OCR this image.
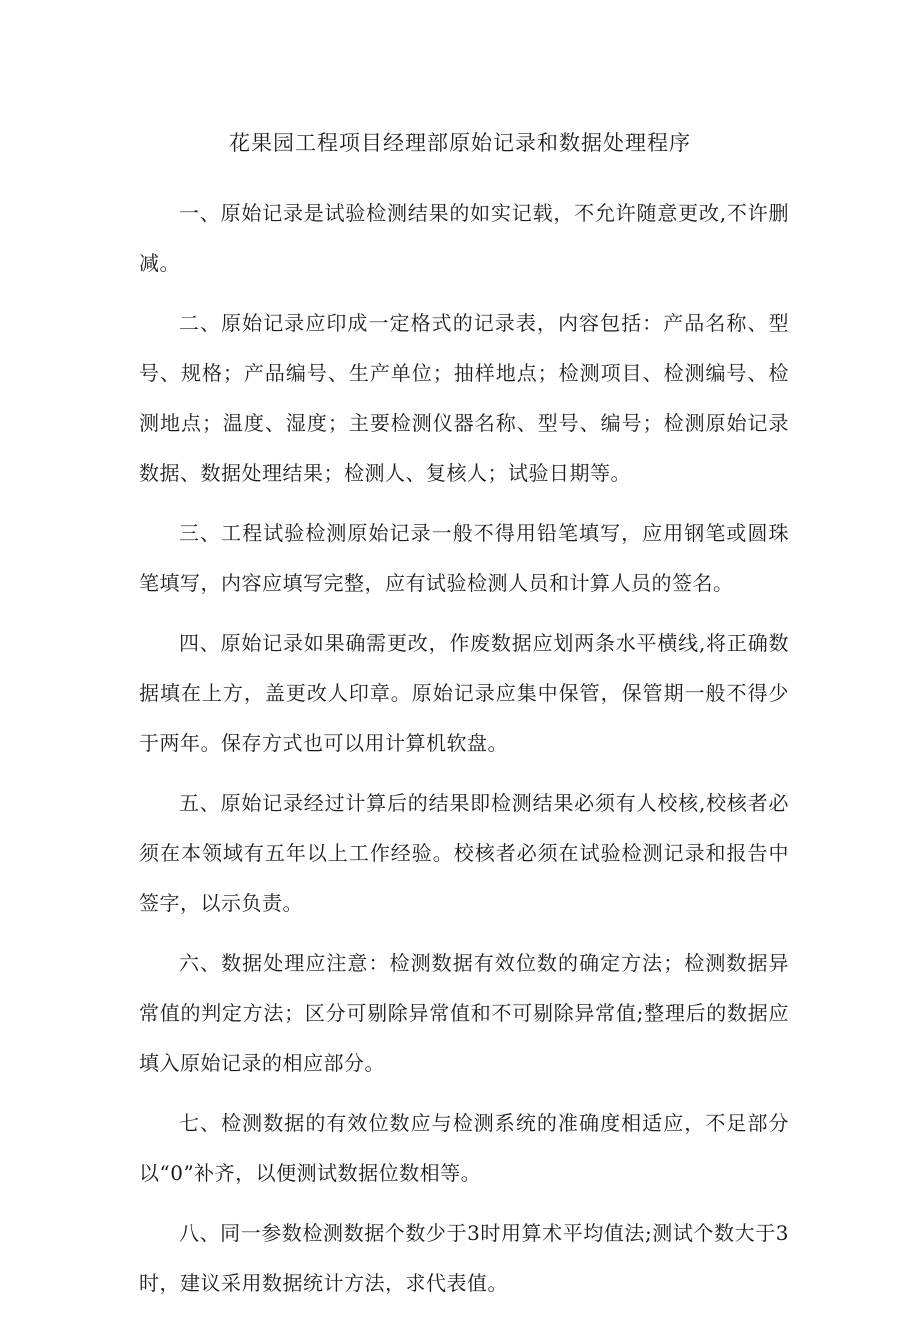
花果园工程项目经理部原始记录和数据处理程序

一、原始记录是试验检测结果的如实记载，不允许随意更改,不许删减。

二、原始记录应印成一定格式的记录表，内容包括：产品名称、型号、规格；产品编号、生产单位；抽样地点；检测项目、检测编号、检测地点；温度、湿度；主要检测仪器名称、型号、编号；检测原始记录数据、数据处理结果；检测人、复核人；试验日期等。

三、工程试验检测原始记录一般不得用铅笔填写，应用钢笔或圆珠笔填写，内容应填写完整，应有试验检测人员和计算人员的签名。

四、原始记录如果确需更改，作废数据应划两条水平横线,将正确数据填在上方，盖更改人印章。原始记录应集中保管，保管期一般不得少于两年。保存方式也可以用计算机软盘。

五、原始记录经过计算后的结果即检测结果必须有人校核,校核者必须在本领域有五年以上工作经验。校核者必须在试验检测记录和报告中签字，以示负责。

六、数据处理应注意：检测数据有效位数的确定方法；检测数据异常值的判定方法；区分可剔除异常值和不可剔除异常值;整理后的数据应填入原始记录的相应部分。

七、检测数据的有效位数应与检测系统的准确度相适应，不足部分以“0”补齐，以便测试数据位数相等。

八、同一参数检测数据个数少于3时用算术平均值法;测试个数大于3时，建议采用数据统计方法，求代表值。
